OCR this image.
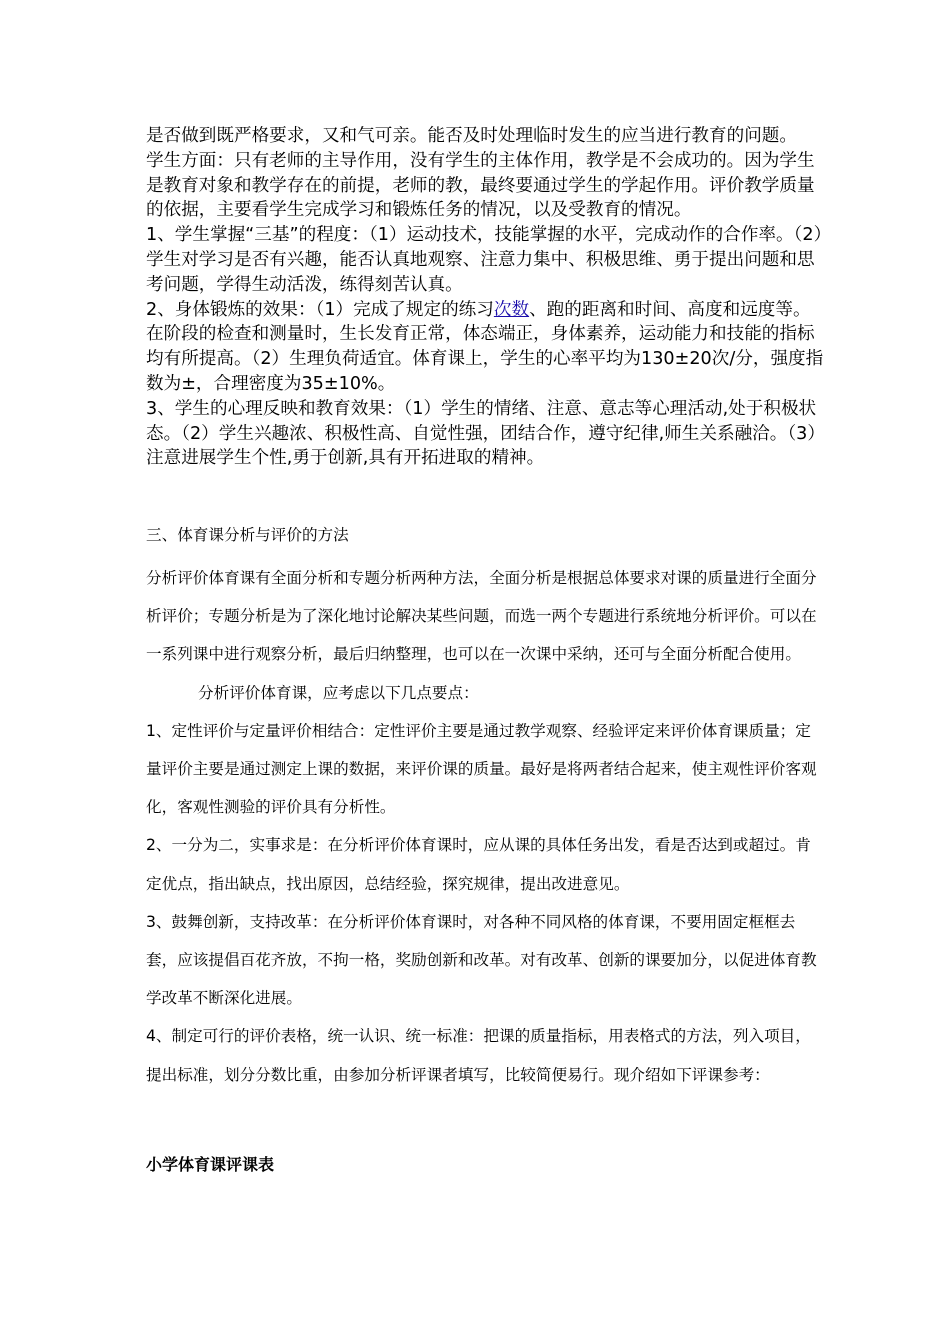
是否做到既严格要求，又和气可亲。能否及时处理临时发生的应当进行教育的问题。

学生方面：只有老师的主导作用，没有学生的主体作用，教学是不会成功的。因为学生是教育对象和教学存在的前提，老师的教，最终要通过学生的学起作用。评价教学质量的依据，主要看学生完成学习和锻炼任务的情况，以及受教育的情况。

1、学生掌握“三基”的程度：（1）运动技术，技能掌握的水平，完成动作的合作率。（2）学生对学习是否有兴趣，能否认真地观察、注意力集中、积极思维、勇于提出问题和思考问题，学得生动活泼，练得刻苦认真。

2、身体锻炼的效果：（1）完成了规定的练习次数、跑的距离和时间、高度和远度等。在阶段的检查和测量时，生长发育正常，体态端正，身体素养，运动能力和技能的指标均有所提高。（2）生理负荷适宜。体育课上，学生的心率平均为130±20次/分，强度指数为±，合理密度为35±10%。

3、学生的心理反映和教育效果：（1）学生的情绪、注意、意志等心理活动,处于积极状态。（2）学生兴趣浓、积极性高、自觉性强，团结合作，遵守纪律,师生关系融洽。（3）注意进展学生个性,勇于创新,具有开拓进取的精神。

三、体育课分析与评价的方法

分析评价体育课有全面分析和专题分析两种方法，全面分析是根据总体要求对课的质量进行全面分析评价；专题分析是为了深化地讨论解决某些问题，而选一两个专题进行系统地分析评价。可以在一系列课中进行观察分析，最后归纳整理，也可以在一次课中采纳，还可与全面分析配合使用。分析评价体育课，应考虑以下几点要点：

1、定性评价与定量评价相结合：定性评价主要是通过教学观察、经验评定来评价体育课质量；定量评价主要是通过测定上课的数据，来评价课的质量。最好是将两者结合起来，使主观性评价客观化，客观性测验的评价具有分析性。

2、一分为二，实事求是：在分析评价体育课时，应从课的具体任务出发，看是否达到或超过。肯定优点，指出缺点，找出原因，总结经验，探究规律，提出改进意见。

3、鼓舞创新，支持改革：在分析评价体育课时，对各种不同风格的体育课，不要用固定框框去套，应该提倡百花齐放，不拘一格，奖励创新和改革。对有改革、创新的课要加分，以促进体育教学改革不断深化进展。

4、制定可行的评价表格，统一认识、统一标准：把课的质量指标，用表格式的方法，列入项目，提出标准，划分分数比重，由参加分析评课者填写，比较简便易行。现介绍如下评课参考：

小学体育课评课表
